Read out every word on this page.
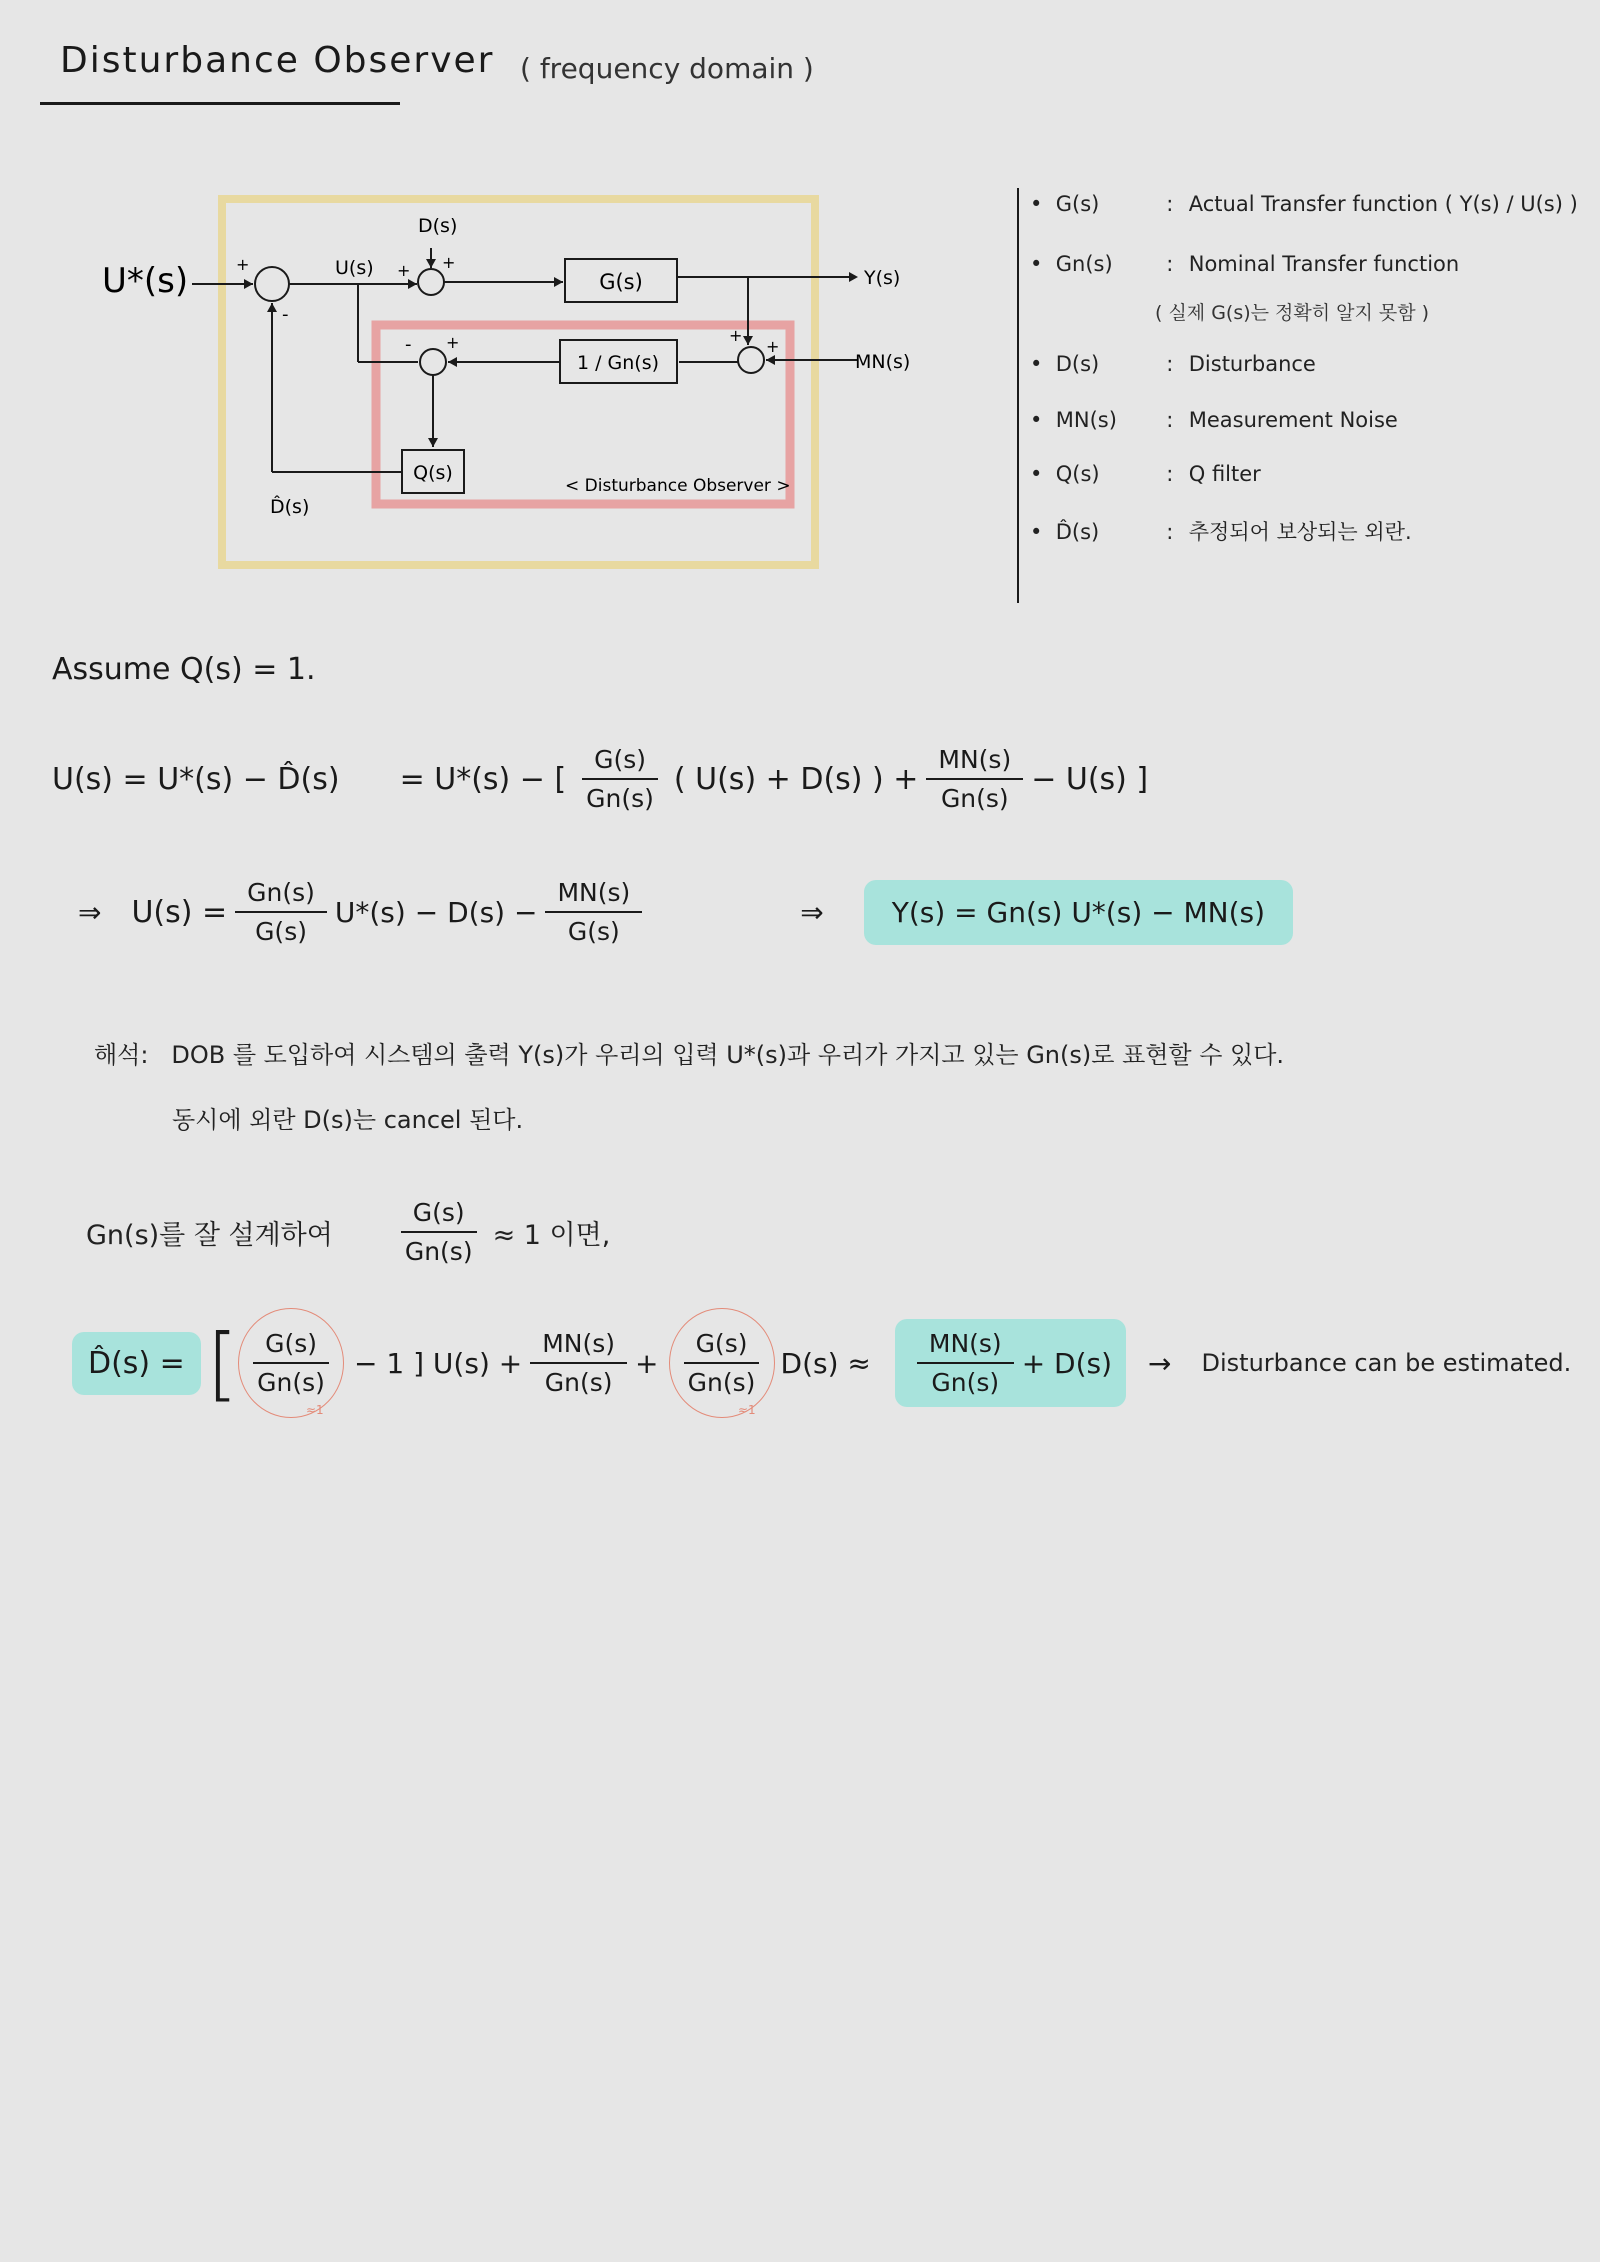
Disturbance Observer ( frequency domain )
U*(s)	U(s)
D(s)
G(s)	Y(s)
1 / Gn(s)	MN(s)
Q(s)
D̂(s)
< Disturbance Observer >
+
-
+ +
- +	+
+
• G(s)	: Actual Transfer function ( Y(s) / U(s) )
• Gn(s)	: Nominal Transfer function
( 실제 G(s)는 정확히 알지 못함 )
• D(s)	: Disturbance
• MN(s) : Measurement Noise
• Q(s)	: Q filter
• D̂(s)	: 추정되어 보상되는 외란.
Assume Q(s) = 1.
U(s) = U*(s) − D̂(s) = U*(s) − [ $\frac{G(s)}{Gn(s)}$ ( U(s) + D(s) ) + $\frac{MN(s)}{Gn(s)} - U(s)$ ]
⇒ $U(s) = \frac{Gn(s)}{G(s)} U*(s) - D(s) - \frac{MN(s)}{G(s)}$	⇒	Y(s) = Gn(s) U*(s) − MN(s)
해석: DOB 를 도입하여 시스템의 출력 Y(s)가 우리의 입력 U*(s)과 우리가 가지고 있는 Gn(s)로 표현할 수 있다.
동시에 외란 D(s)는 cancel 된다.
Gn(s)를 잘 설계하여 $\frac{G(s)}{Gn(s)} \approx 1$ 이면,
D̂(s) = [ $\frac{G(s)}{Gn(s)} - 1$ ] $U(s) + \frac{MN(s)}{Gn(s)} + \frac{G(s)}{Gn(s)} D(s) \approx \frac{MN(s)}{Gn(s)} + D(s)$ → Disturbance can be estimated.
≈1	≈1
